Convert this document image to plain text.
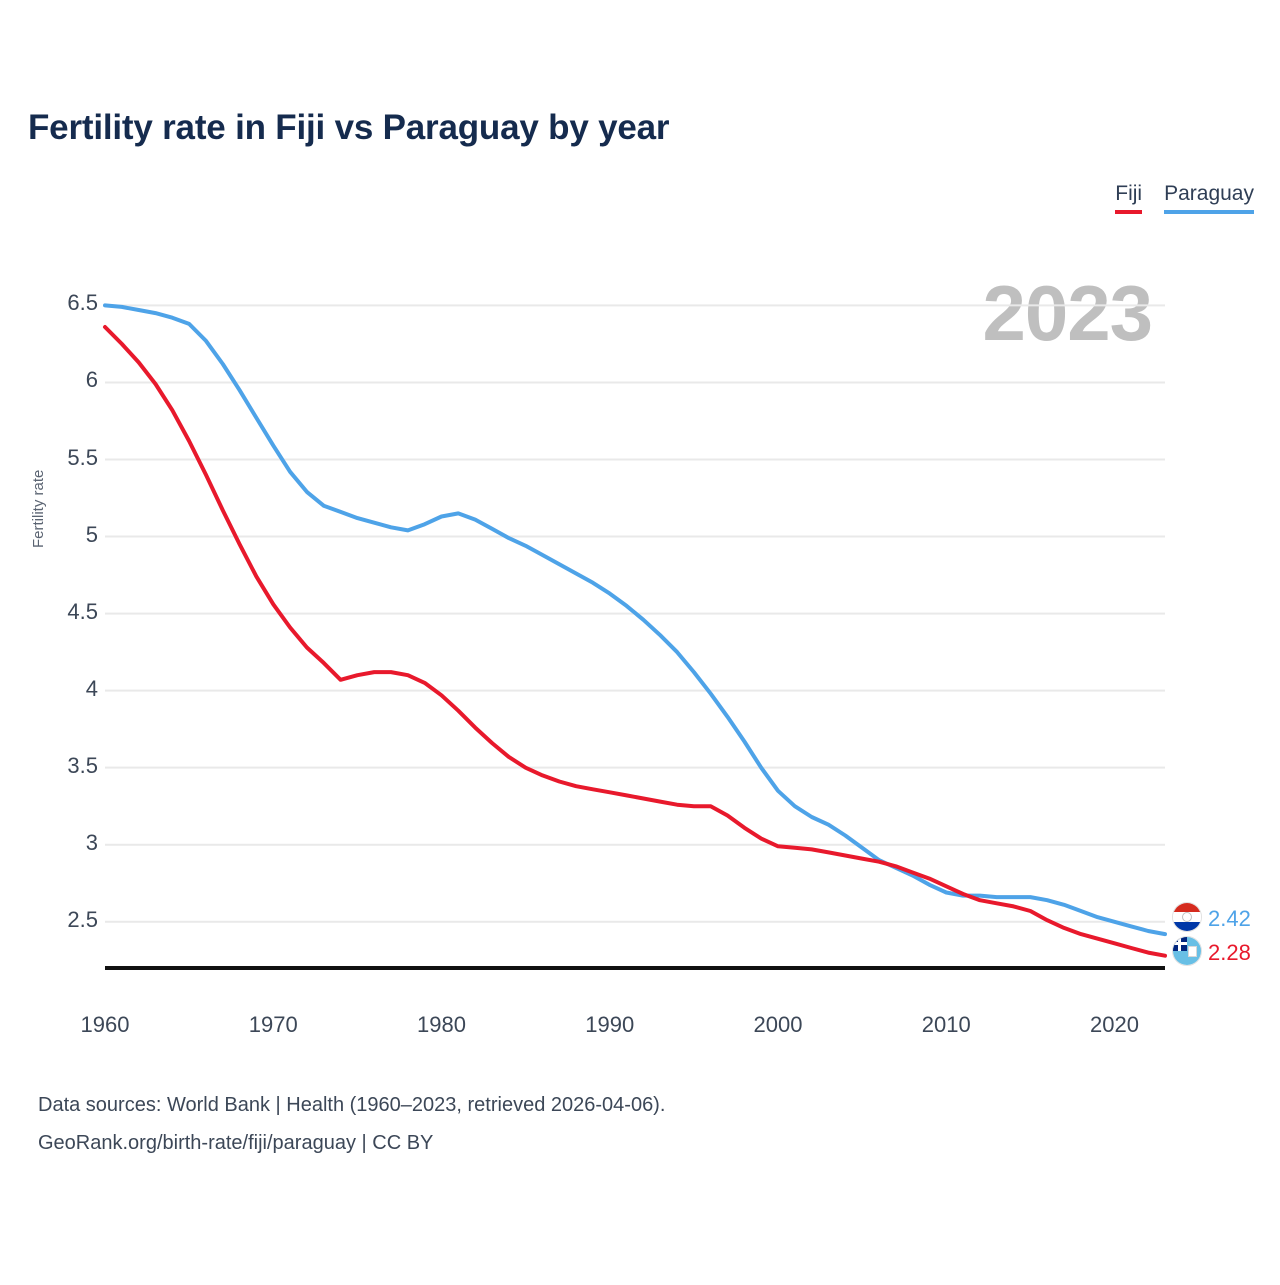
Fertility rate in Fiji vs Paraguay by year
Fiji Paraguay
2023
Fertility rate
2.5
3
3.5
4
4.5
5
5.5
6
6.5
1960	1970	1980	1990	2000	2010	2020
2.42
2.28
Data sources: World Bank | Health (1960–2023, retrieved 2026-04-06).
GeoRank.org/birth-rate/fiji/paraguay | CC BY
